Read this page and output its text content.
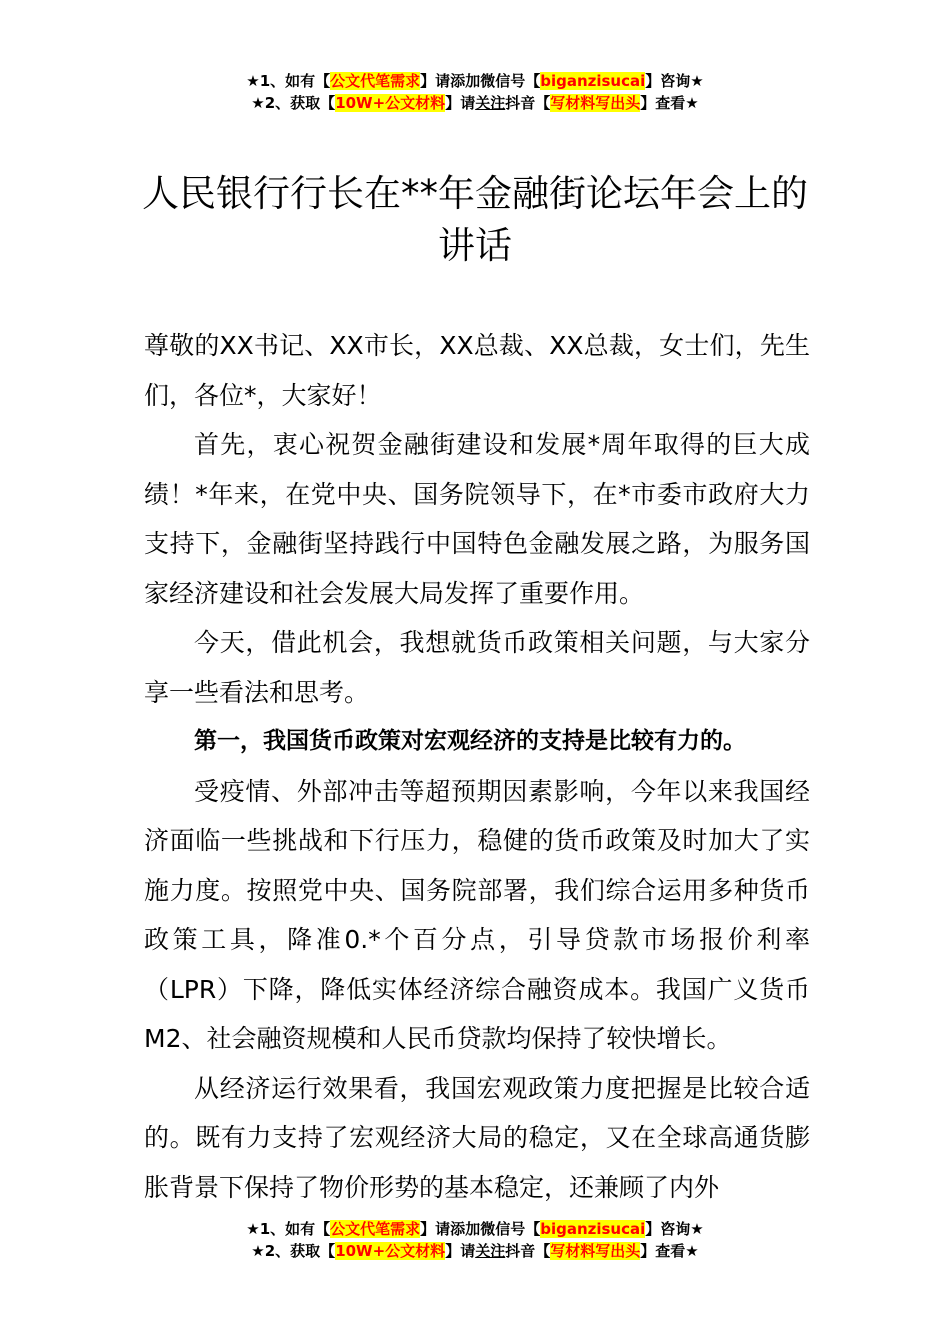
★1、如有【公文代笔需求】请添加微信号【biganzisucai】咨询★
★2、获取【10W+公文材料】请关注抖音【写材料写出头】查看★
人民银行行长在**年金融街论坛年会上的讲话

尊敬的XX书记、XX市长，XX总裁、XX总裁，女士们，先生们，各位*，大家好！

首先，衷心祝贺金融街建设和发展*周年取得的巨大成绩！*年来，在党中央、国务院领导下，在*市委市政府大力支持下，金融街坚持践行中国特色金融发展之路，为服务国家经济建设和社会发展大局发挥了重要作用。

今天，借此机会，我想就货币政策相关问题，与大家分享一些看法和思考。

第一，我国货币政策对宏观经济的支持是比较有力的。

受疫情、外部冲击等超预期因素影响，今年以来我国经济面临一些挑战和下行压力，稳健的货币政策及时加大了实施力度。按照党中央、国务院部署，我们综合运用多种货币政策工具，降准0.*个百分点，引导贷款市场报价利率（LPR）下降，降低实体经济综合融资成本。我国广义货币M2、社会融资规模和人民币贷款均保持了较快增长。

从经济运行效果看，我国宏观政策力度把握是比较合适的。既有力支持了宏观经济大局的稳定，又在全球高通货膨胀背景下保持了物价形势的基本稳定，还兼顾了内外

★1、如有【公文代笔需求】请添加微信号【biganzisucai】咨询★
★2、获取【10W+公文材料】请关注抖音【写材料写出头】查看★
